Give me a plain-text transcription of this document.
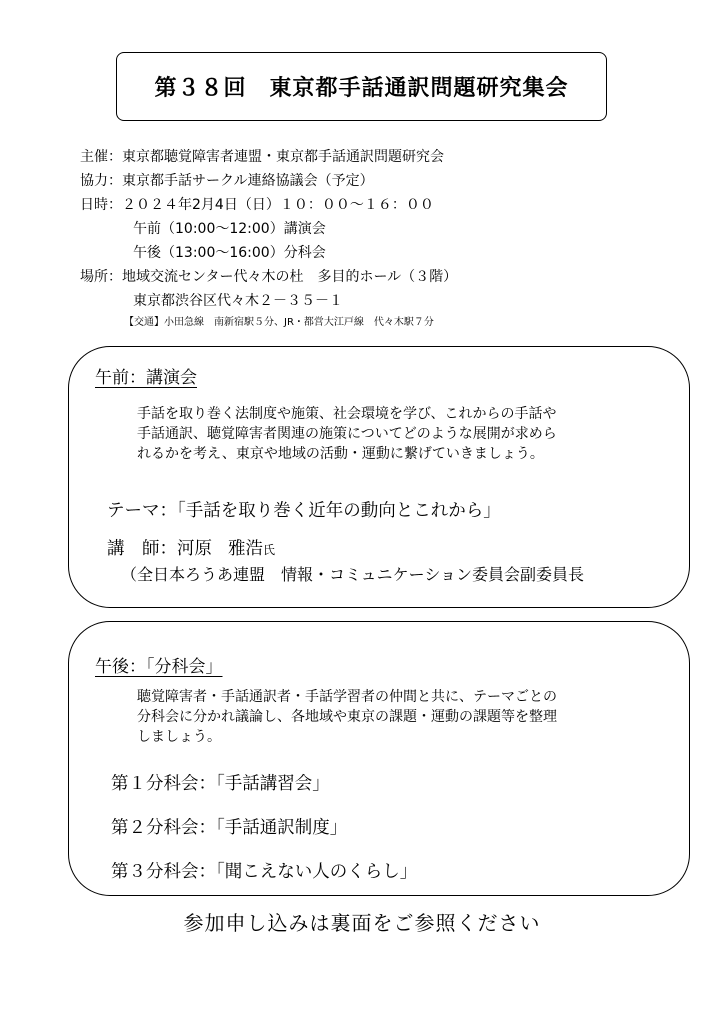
第３８回　東京都手話通訳問題研究集会
主催：東京都聴覚障害者連盟・東京都手話通訳問題研究会
協力：東京都手話サークル連絡協議会（予定）
日時：２０２４年2月4日（日）１０：００～１６：００
午前（10:00～12:00）講演会
午後（13:00～16:00）分科会
場所：地域交流センター代々木の杜　多目的ホール（３階）
東京都渋谷区代々木２－３５－１
【交通】小田急線　南新宿駅５分、JR・都営大江戸線　代々木駅７分
午前：講演会
手話を取り巻く法制度や施策、社会環境を学び、これからの手話や
手話通訳、聴覚障害者関連の施策についてどのような展開が求めら
れるかを考え、東京や地域の活動・運動に繋げていきましょう。
テーマ：「手話を取り巻く近年の動向とこれから」
講　師：河原 雅浩氏
（全日本ろうあ連盟　情報・コミュニケーション委員会副委員長
午後：「分科会」
聴覚障害者・手話通訳者・手話学習者の仲間と共に、テーマごとの
分科会に分かれ議論し、各地域や東京の課題・運動の課題等を整理
しましょう。
第１分科会：「手話講習会」
第２分科会：「手話通訳制度」
第３分科会：「聞こえない人のくらし」
参加申し込みは裏面をご参照ください
